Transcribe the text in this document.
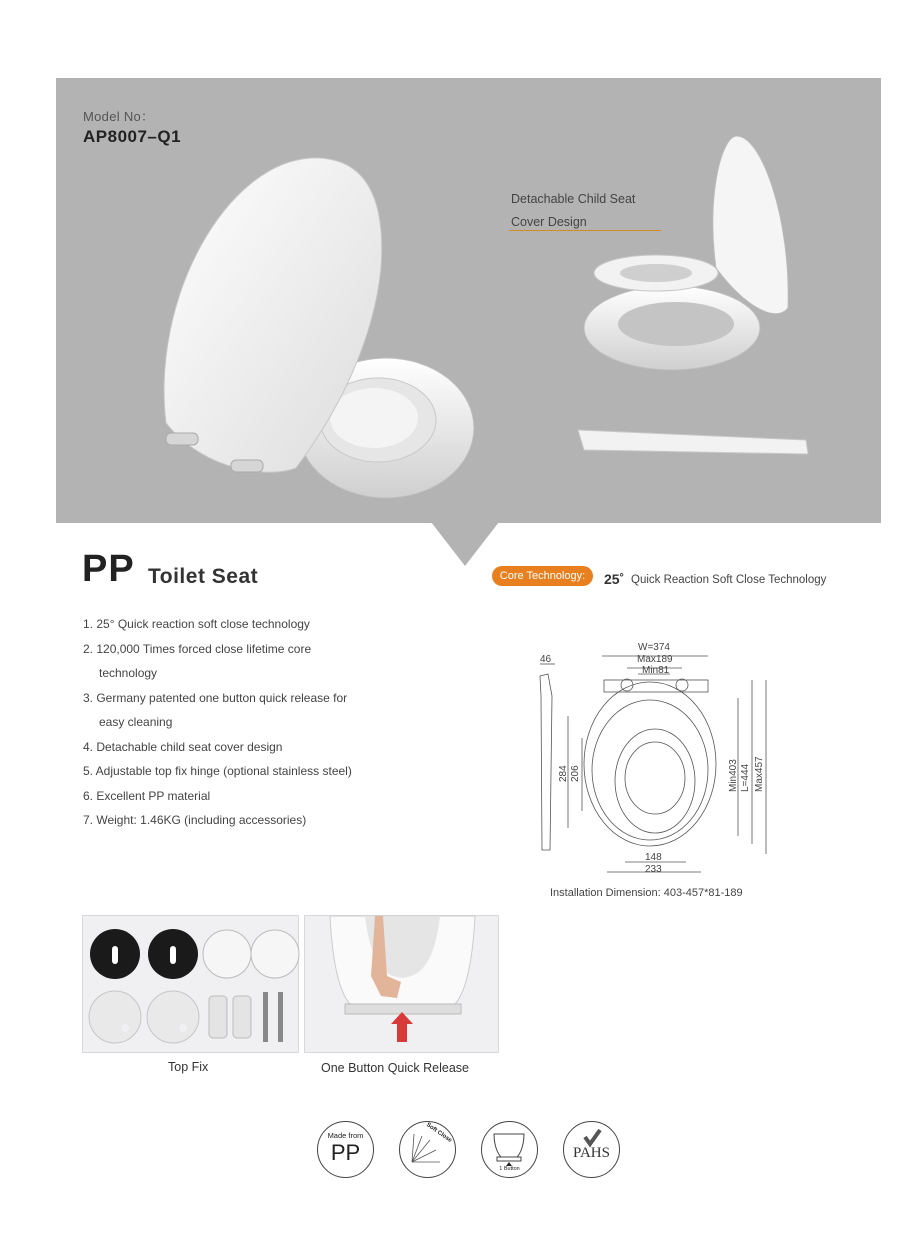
Model No：
AP8007–Q1
Detachable Child Seat
Cover Design
PP Toilet Seat	Core Technology:	25˚ Quick Reaction Soft Close Technology
1. 25° Quick reaction soft close technology
2. 120,000 Times forced close lifetime core
technology
3. Germany patented one button quick release for
easy cleaning
4. Detachable child seat cover design
5. Adjustable top fix hinge (optional stainless steel)
6. Excellent PP material
7. Weight: 1.46KG (including accessories)
W=374
Max189
Min81
46
284 206	Min403 L=444 Max457
148
233
Installation Dimension: 403-457*81-189
Top Fix	One Button Quick Release
Made from
PP
Soft Close
1 Button
PAHS
